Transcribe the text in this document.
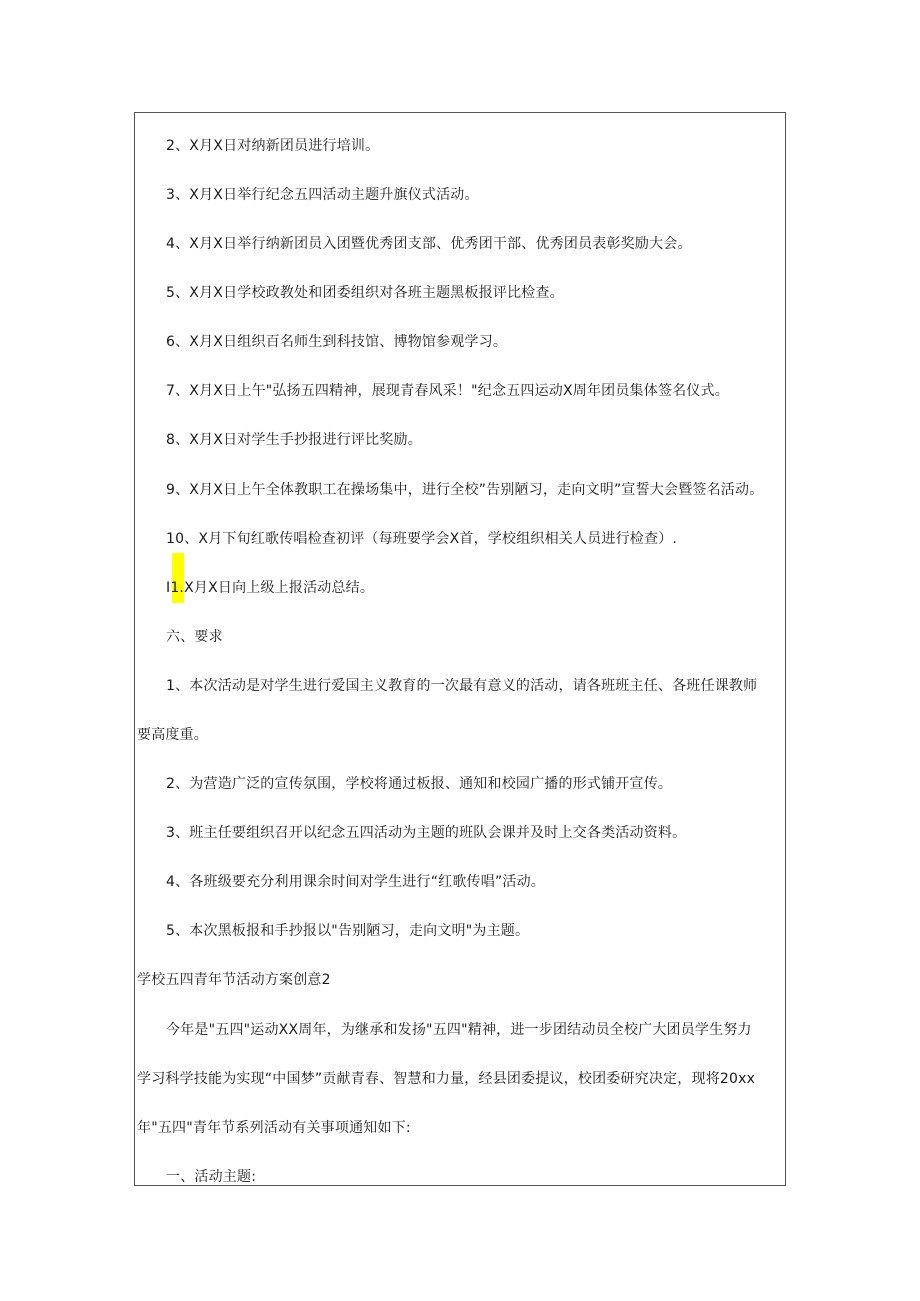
2、X月X日对纳新团员进行培训。
3、X月X日举行纪念五四活动主题升旗仪式活动。
4、X月X日举行纳新团员入团暨优秀团支部、优秀团干部、优秀团员表彰奖励大会。
5、X月X日学校政教处和团委组织对各班主题黑板报评比检查。
6、X月X日组织百名师生到科技馆、博物馆参观学习。
7、X月X日上午"弘扬五四精神，展现青春风采！"纪念五四运动X周年团员集体签名仪式。
8、X月X日对学生手抄报进行评比奖励。
9、X月X日上午全体教职工在操场集中，进行全校”告别陋习，走向文明”宣誓大会暨签名活动。
10、X月下旬红歌传唱检查初评（每班要学会X首，学校组织相关人员进行检查）.
I1.X月X日向上级上报活动总结。
六、要求
1、本次活动是对学生进行爱国主义教育的一次最有意义的活动，请各班班主任、各班任课教师
要高度重。
2、为营造广泛的宣传氛围，学校将通过板报、通知和校园广播的形式铺开宣传。
3、班主任要组织召开以纪念五四活动为主题的班队会课并及时上交各类活动资料。
4、各班级要充分利用课余时间对学生进行“红歌传唱”活动。
5、本次黑板报和手抄报以"告别陋习，走向文明"为主题。
学校五四青年节活动方案创意2
今年是"五四"运动XX周年，为继承和发扬"五四"精神，进一步团结动员全校广大团员学生努力
学习科学技能为实现“中国梦”贡献青春、智慧和力量，经县团委提议，校团委研究决定，现将20xx
年"五四"青年节系列活动有关事项通知如下:
一、活动主题:
